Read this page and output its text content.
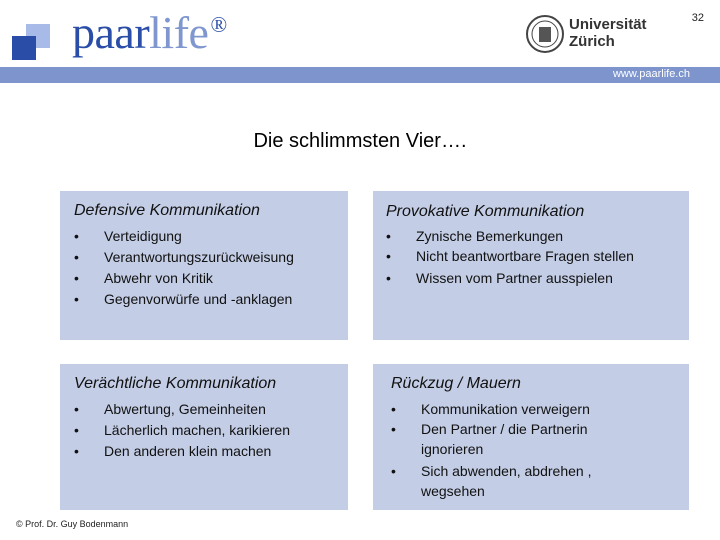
paarlife®	32
Universität
Zürich
www.paarlife.ch
Die schlimmsten Vier….
Defensive Kommunikation
• Verteidigung
• Verantwortungszurückweisung
• Abwehr von Kritik
• Gegenvorwürfe und -anklagen
Provokative Kommunikation
• Zynische Bemerkungen
• Nicht beantwortbare Fragen stellen
• Wissen vom Partner ausspielen
Verächtliche Kommunikation
• Abwertung, Gemeinheiten
• Lächerlich machen, karikieren
• Den anderen klein machen
Rückzug / Mauern
• Kommunikation verweigern
• Den Partner / die Partnerin ignorieren
• Sich abwenden, abdrehen , wegsehen
© Prof. Dr. Guy Bodenmann
